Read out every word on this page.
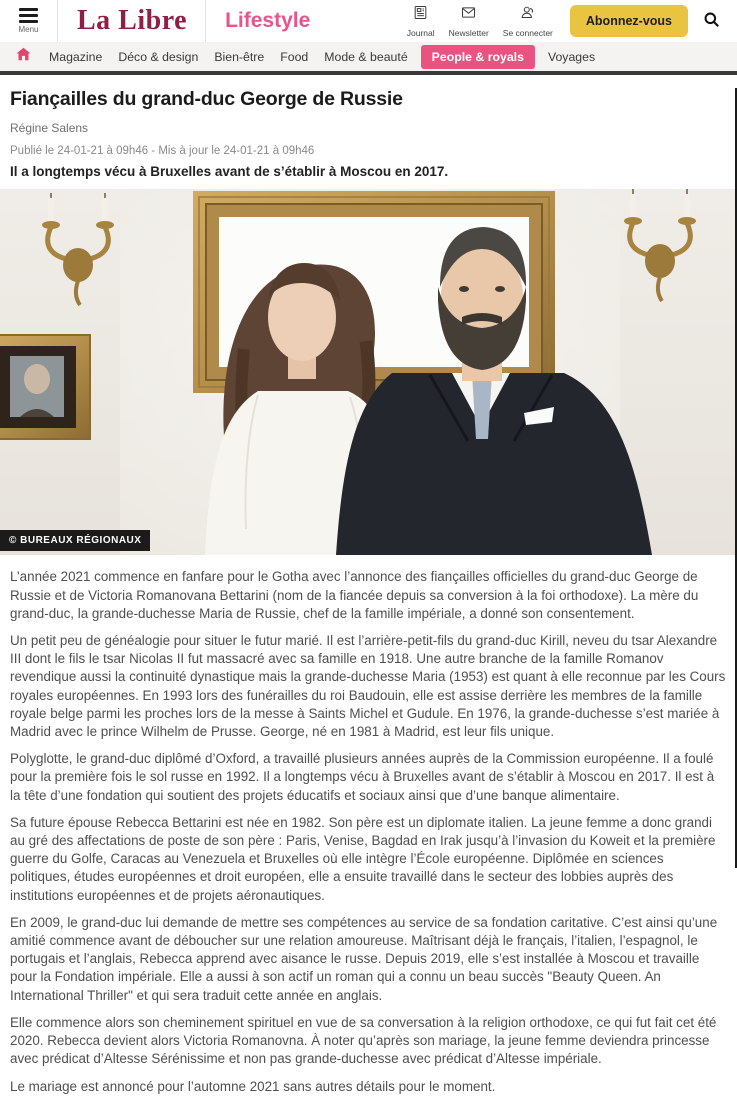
Menu	La Libre	Lifestyle
Journal Newsletter Se connecter
Abonnez-vous
Magazine	Déco & design	Bien-être	Food	Mode & beauté	People & royals	Voyages
Fiançailles du grand-duc George de Russie
Régine Salens
Publié le 24-01-21 à 09h46 - Mis à jour le 24-01-21 à 09h46
Il a longtemps vécu à Bruxelles avant de s’établir à Moscou en 2017.
© BUREAUX RÉGIONAUX

L’année 2021 commence en fanfare pour le Gotha avec l’annonce des fiançailles officielles du grand-duc George de Russie et de Victoria Romanovana Bettarini (nom de la fiancée depuis sa conversion à la foi orthodoxe). La mère du grand-duc, la grande-duchesse Maria de Russie, chef de la famille impériale, a donné son consentement.

Un petit peu de généalogie pour situer le futur marié. Il est l’arrière-petit-fils du grand-duc Kirill, neveu du tsar Alexandre III dont le fils le tsar Nicolas II fut massacré avec sa famille en 1918. Une autre branche de la famille Romanov revendique aussi la continuité dynastique mais la grande-duchesse Maria (1953) est quant à elle reconnue par les Cours royales européennes. En 1993 lors des funérailles du roi Baudouin, elle est assise derrière les membres de la famille royale belge parmi les proches lors de la messe à Saints Michel et Gudule. En 1976, la grande-duchesse s’est mariée à Madrid avec le prince Wilhelm de Prusse. George, né en 1981 à Madrid, est leur fils unique.

Polyglotte, le grand-duc diplômé d’Oxford, a travaillé plusieurs années auprès de la Commission européenne. Il a foulé pour la première fois le sol russe en 1992. Il a longtemps vécu à Bruxelles avant de s’établir à Moscou en 2017. Il est à la tête d’une fondation qui soutient des projets éducatifs et sociaux ainsi que d’une banque alimentaire.

Sa future épouse Rebecca Bettarini est née en 1982. Son père est un diplomate italien. La jeune femme a donc grandi au gré des affectations de poste de son père : Paris, Venise, Bagdad en Irak jusqu’à l’invasion du Koweit et la première guerre du Golfe, Caracas au Venezuela et Bruxelles où elle intègre l’École européenne. Diplômée en sciences politiques, études européennes et droit européen, elle a ensuite travaillé dans le secteur des lobbies auprès des institutions européennes et de projets aéronautiques.

En 2009, le grand-duc lui demande de mettre ses compétences au service de sa fondation caritative. C’est ainsi qu’une amitié commence avant de déboucher sur une relation amoureuse. Maîtrisant déjà le français, l’italien, l’espagnol, le portugais et l’anglais, Rebecca apprend avec aisance le russe. Depuis 2019, elle s’est installée à Moscou et travaille pour la Fondation impériale. Elle a aussi à son actif un roman qui a connu un beau succès "Beauty Queen. An International Thriller" et qui sera traduit cette année en anglais.

Elle commence alors son cheminement spirituel en vue de sa conversation à la religion orthodoxe, ce qui fut fait cet été 2020. Rebecca devient alors Victoria Romanovna. À noter qu’après son mariage, la jeune femme deviendra princesse avec prédicat d’Altesse Sérénissime et non pas grande-duchesse avec prédicat d’Altesse impériale.

Le mariage est annoncé pour l’automne 2021 sans autres détails pour le moment.
